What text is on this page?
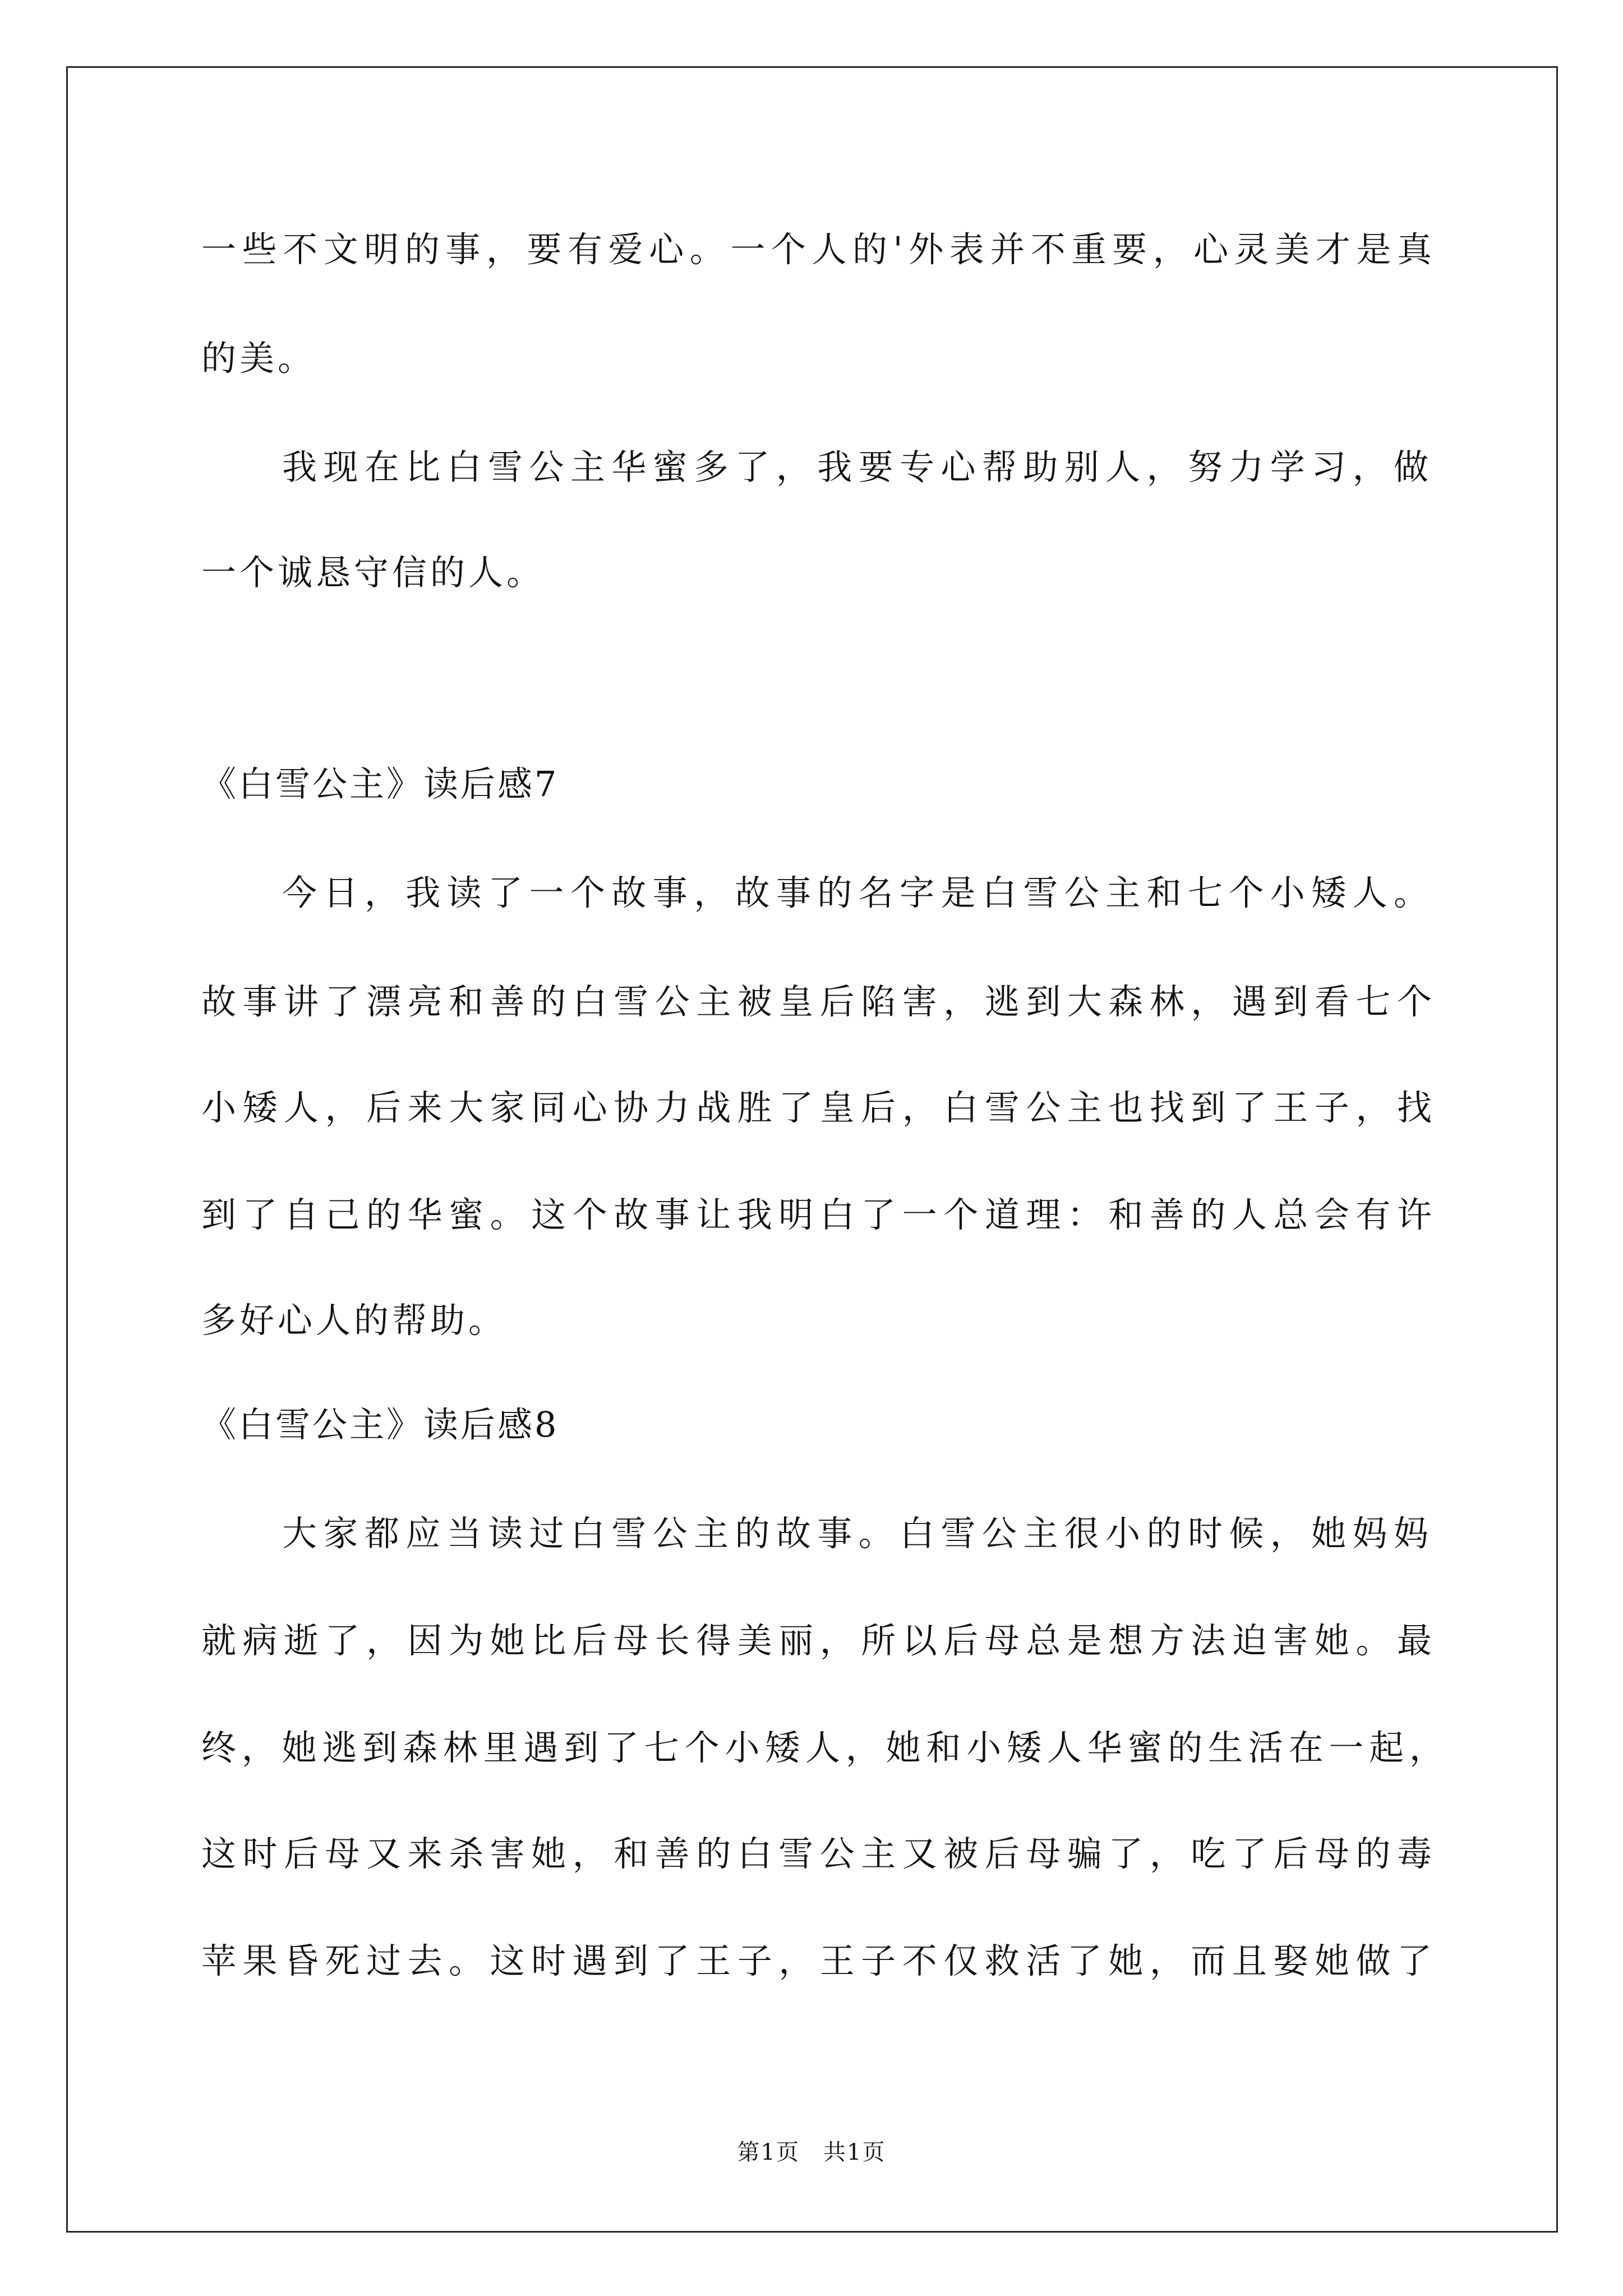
一些不文明的事，要有爱心。一个人的'外表并不重要，心灵美才是真
的美。
我现在比白雪公主华蜜多了，我要专心帮助别人，努力学习，做
一个诚恳守信的人。
《白雪公主》读后感7
今日，我读了一个故事，故事的名字是白雪公主和七个小矮人。
故事讲了漂亮和善的白雪公主被皇后陷害，逃到大森林，遇到看七个
小矮人，后来大家同心协力战胜了皇后，白雪公主也找到了王子，找
到了自己的华蜜。这个故事让我明白了一个道理：和善的人总会有许
多好心人的帮助。
《白雪公主》读后感8
大家都应当读过白雪公主的故事。白雪公主很小的时候，她妈妈
就病逝了，因为她比后母长得美丽，所以后母总是想方法迫害她。最
终，她逃到森林里遇到了七个小矮人，她和小矮人华蜜的生活在一起，
这时后母又来杀害她，和善的白雪公主又被后母骗了，吃了后母的毒
苹果昏死过去。这时遇到了王子，王子不仅救活了她，而且娶她做了
第1页　共1页
